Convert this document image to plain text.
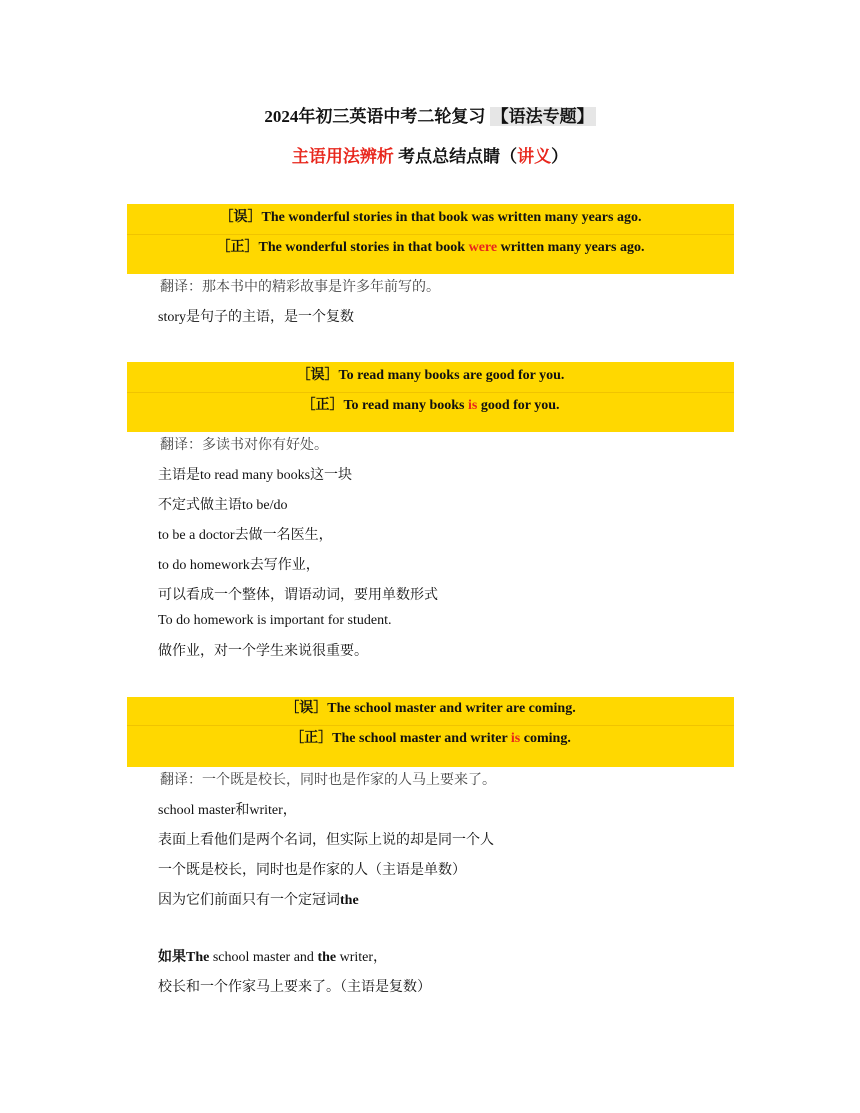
2024年初三英语中考二轮复习 【语法专题】
主语用法辨析 考点总结点睛（讲义）
［误］The wonderful stories in that book was written many years ago.
［正］The wonderful stories in that book were written many years ago.
翻译：那本书中的精彩故事是许多年前写的。
story是句子的主语，是一个复数
［误］To read many books are good for you.
［正］To read many books is good for you.
翻译：多读书对你有好处。
主语是to read many books这一块
不定式做主语to be/do
to be a doctor去做一名医生，
to do homework去写作业，
可以看成一个整体，谓语动词，要用单数形式
To do homework is important for student.
做作业，对一个学生来说很重要。
［误］The school master and writer are coming.
［正］The school master and writer is coming.
翻译：一个既是校长，同时也是作家的人马上要来了。
school master和writer，
表面上看他们是两个名词，但实际上说的却是同一个人
一个既是校长，同时也是作家的人（主语是单数）
因为它们前面只有一个定冠词the
如果The school master and the writer，
校长和一个作家马上要来了。（主语是复数）
